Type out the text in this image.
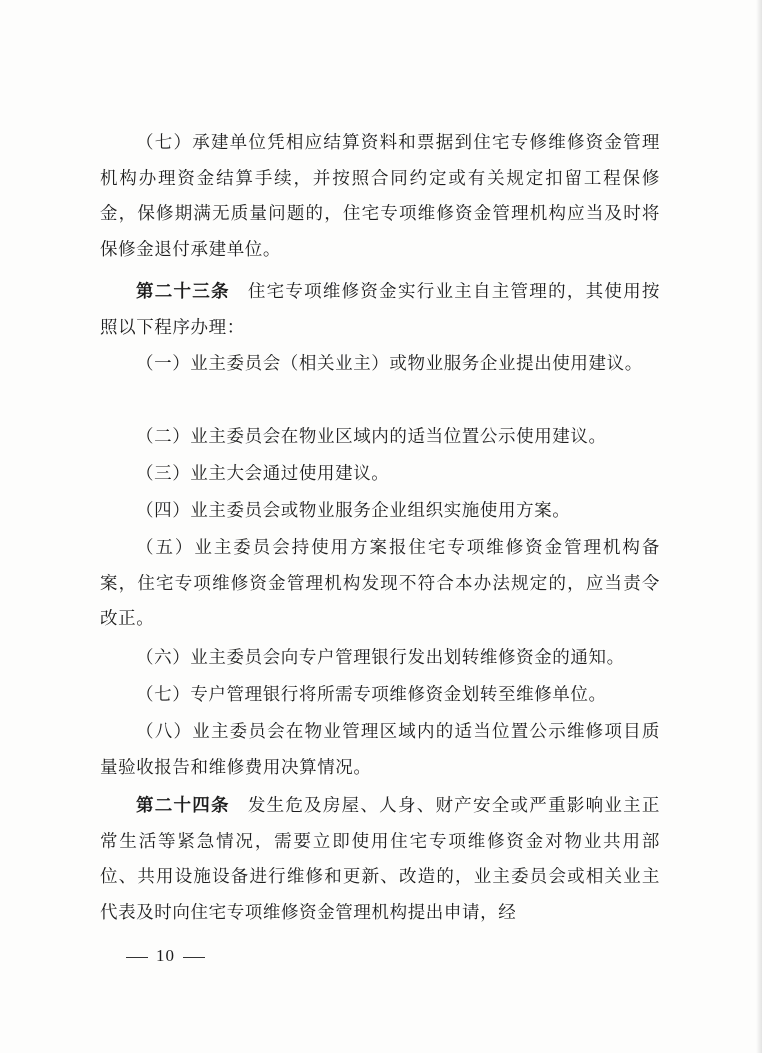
（七）承建单位凭相应结算资料和票据到住宅专修维修资金管理机构办理资金结算手续，并按照合同约定或有关规定扣留工程保修金，保修期满无质量问题的，住宅专项维修资金管理机构应当及时将保修金退付承建单位。

第二十三条 住宅专项维修资金实行业主自主管理的，其使用按照以下程序办理：

（一）业主委员会（相关业主）或物业服务企业提出使用建议。

（二）业主委员会在物业区域内的适当位置公示使用建议。

（三）业主大会通过使用建议。

（四）业主委员会或物业服务企业组织实施使用方案。

（五）业主委员会持使用方案报住宅专项维修资金管理机构备案，住宅专项维修资金管理机构发现不符合本办法规定的，应当责令改正。

（六）业主委员会向专户管理银行发出划转维修资金的通知。

（七）专户管理银行将所需专项维修资金划转至维修单位。

（八）业主委员会在物业管理区域内的适当位置公示维修项目质量验收报告和维修费用决算情况。

第二十四条 发生危及房屋、人身、财产安全或严重影响业主正常生活等紧急情况，需要立即使用住宅专项维修资金对物业共用部位、共用设施设备进行维修和更新、改造的，业主委员会或相关业主代表及时向住宅专项维修资金管理机构提出申请，经

10
